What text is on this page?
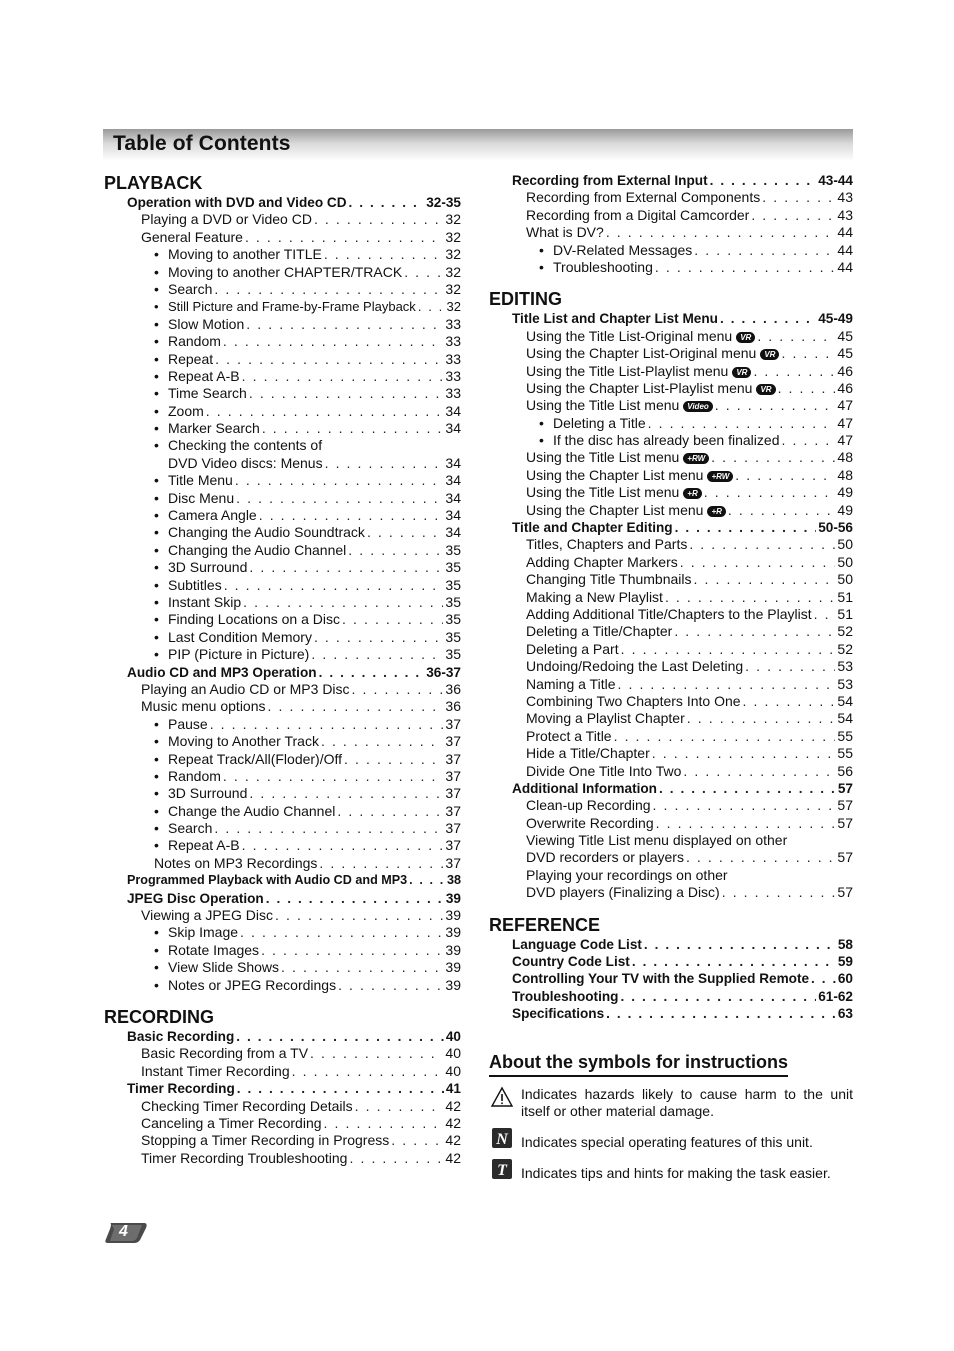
Table of Contents
PLAYBACK
Operation with DVD and Video CD . . .	32-35
Playing a DVD or Video CD . . .	32
General Feature . . .	32
• Moving to another TITLE . . .	32
• Moving to another CHAPTER/TRACK . . .	32
• Search . . .	32
• Still Picture and Frame-by-Frame Playback . . . 32
• Slow Motion . . .	33
• Random . . .	33
• Repeat . . .	33
• Repeat A-B . . .	33
• Time Search . . .	33
• Zoom . . .	34
• Marker Search . . .	34
• Checking the contents of
DVD Video discs: Menus . . .	34
• Title Menu . . .	34
• Disc Menu . . .	34
• Camera Angle . . .	34
• Changing the Audio Soundtrack . . .	34
• Changing the Audio Channel . . .	35
• 3D Surround . . .	35
• Subtitles . . .	35
• Instant Skip . . .	35
• Finding Locations on a Disc . . .	35
• Last Condition Memory . . .	35
• PIP (Picture in Picture) . . .	35
Audio CD and MP3 Operation . . .	36-37
Playing an Audio CD or MP3 Disc . . .	36
Music menu options . . .	36
• Pause . . .	37
• Moving to Another Track . . .	37
• Repeat Track/All(Floder)/Off . . .	37
• Random . . .	37
• 3D Surround . . .	37
• Change the Audio Channel . . .	37
• Search . . .	37
• Repeat A-B . . .	37
Notes on MP3 Recordings . . .	37
Programmed Playback with Audio CD and MP3 . . .	38
JPEG Disc Operation . . .	39
Viewing a JPEG Disc . . .	39
• Skip Image . . .	39
• Rotate Images . . .	39
• View Slide Shows . . .	39
• Notes or JPEG Recordings . . .	39
RECORDING
Basic Recording . . .	40
Basic Recording from a TV . . .	40
Instant Timer Recording . . .	40
Timer Recording . . .	41
Checking Timer Recording Details . . .	42
Canceling a Timer Recording . . .	42
Stopping a Timer Recording in Progress . . .	42
Timer Recording Troubleshooting . . .	42
Recording from External Input . . .	43-44
Recording from External Components . . .	43
Recording from a Digital Camcorder . . .	43
What is DV? . . .	44
• DV-Related Messages . . .	44
• Troubleshooting . . .	44
EDITING
Title List and Chapter List Menu . . .	45-49
Using the Title List-Original menu VR . . .	45
Using the Chapter List-Original menu VR . . .	45
Using the Title List-Playlist menu VR . . .	46
Using the Chapter List-Playlist menu VR . . .	46
Using the Title List menu Video . . .	47
• Deleting a Title . . .	47
• If the disc has already been finalized . . .	47
Using the Title List menu +RW . . .	48
Using the Chapter List menu +RW . . .	48
Using the Title List menu +R . . .	49
Using the Chapter List menu +R . . .	49
Title and Chapter Editing . . .	50-56
Titles, Chapters and Parts . . .	50
Adding Chapter Markers . . .	50
Changing Title Thumbnails . . .	50
Making a New Playlist . . .	51
Adding Additional Title/Chapters to the Playlist . . . 51
Deleting a Title/Chapter . . .	52
Deleting a Part . . .	52
Undoing/Redoing the Last Deleting . . .	53
Naming a Title . . .	53
Combining Two Chapters Into One . . .	54
Moving a Playlist Chapter . . .	54
Protect a Title . . .	55
Hide a Title/Chapter . . .	55
Divide One Title Into Two . . .	56
Additional Information . . .	57
Clean-up Recording . . .	57
Overwrite Recording . . .	57
Viewing Title List menu displayed on other
DVD recorders or players . . .	57
Playing your recordings on other
DVD players (Finalizing a Disc) . . .	57
REFERENCE
Language Code List . . .	58
Country Code List . . .	59
Controlling Your TV with the Supplied Remote . . . 60
Troubleshooting . . .	61-62
Specifications . . .	63
About the symbols for instructions
Indicates hazards likely to cause harm to the unit itself or other material damage.
N Indicates special operating features of this unit.
T Indicates tips and hints for making the task easier.
4
